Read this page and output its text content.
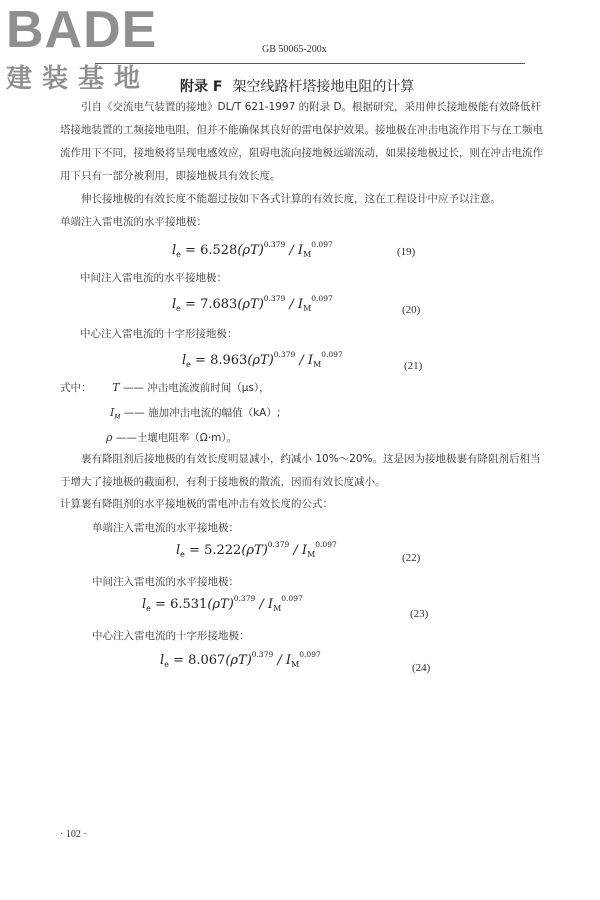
BADE
建装基地
GB 50065-200x
附录 F 架空线路杆塔接地电阻的计算
引自《交流电气装置的接地》DL/T 621-1997 的附录 D。根据研究，采用伸长接地极能有效降低杆塔接地装置的工频接地电阻，但并不能确保其良好的雷电保护效果。接地极在冲击电流作用下与在工频电流作用下不同，接地极将呈现电感效应，阻碍电流向接地极远端流动，如果接地极过长，则在冲击电流作用下只有一部分被利用，即接地极具有效长度。
伸长接地极的有效长度不能超过按如下各式计算的有效长度，这在工程设计中应予以注意。
单端注入雷电流的水平接地极：
$l_e = 6.528(\rho T)^{0.379} / I_M^{0.097}$
(19)
中间注入雷电流的水平接地极：
$l_e = 7.683(\rho T)^{0.379} / I_M^{0.097}$
(20)
中心注入雷电流的十字形接地极：
$l_e = 8.963(\rho T)^{0.379} / I_M^{0.097}$
(21)
式中： T —— 冲击电流波前时间（μs），
$I_M$ —— 施加冲击电流的幅值（kA）;
ρ ——土壤电阻率（Ω·m）。
裹有降阻剂后接地极的有效长度明显减小，约减小 10%～20%。这是因为接地极裹有降阻剂后相当于增大了接地极的截面积，有利于接地极的散流，因而有效长度减小。
计算裹有降阻剂的水平接地极的雷电冲击有效长度的公式：
单端注入雷电流的水平接地极：
$l_e = 5.222(\rho T)^{0.379} / I_M^{0.097}$
(22)
中间注入雷电流的水平接地极：
$l_e = 6.531(\rho T)^{0.379} / I_M^{0.097}$
(23)
中心注入雷电流的十字形接地极：
$l_e = 8.067(\rho T)^{0.379} / I_M^{0.097}$
(24)
· 102 ·
